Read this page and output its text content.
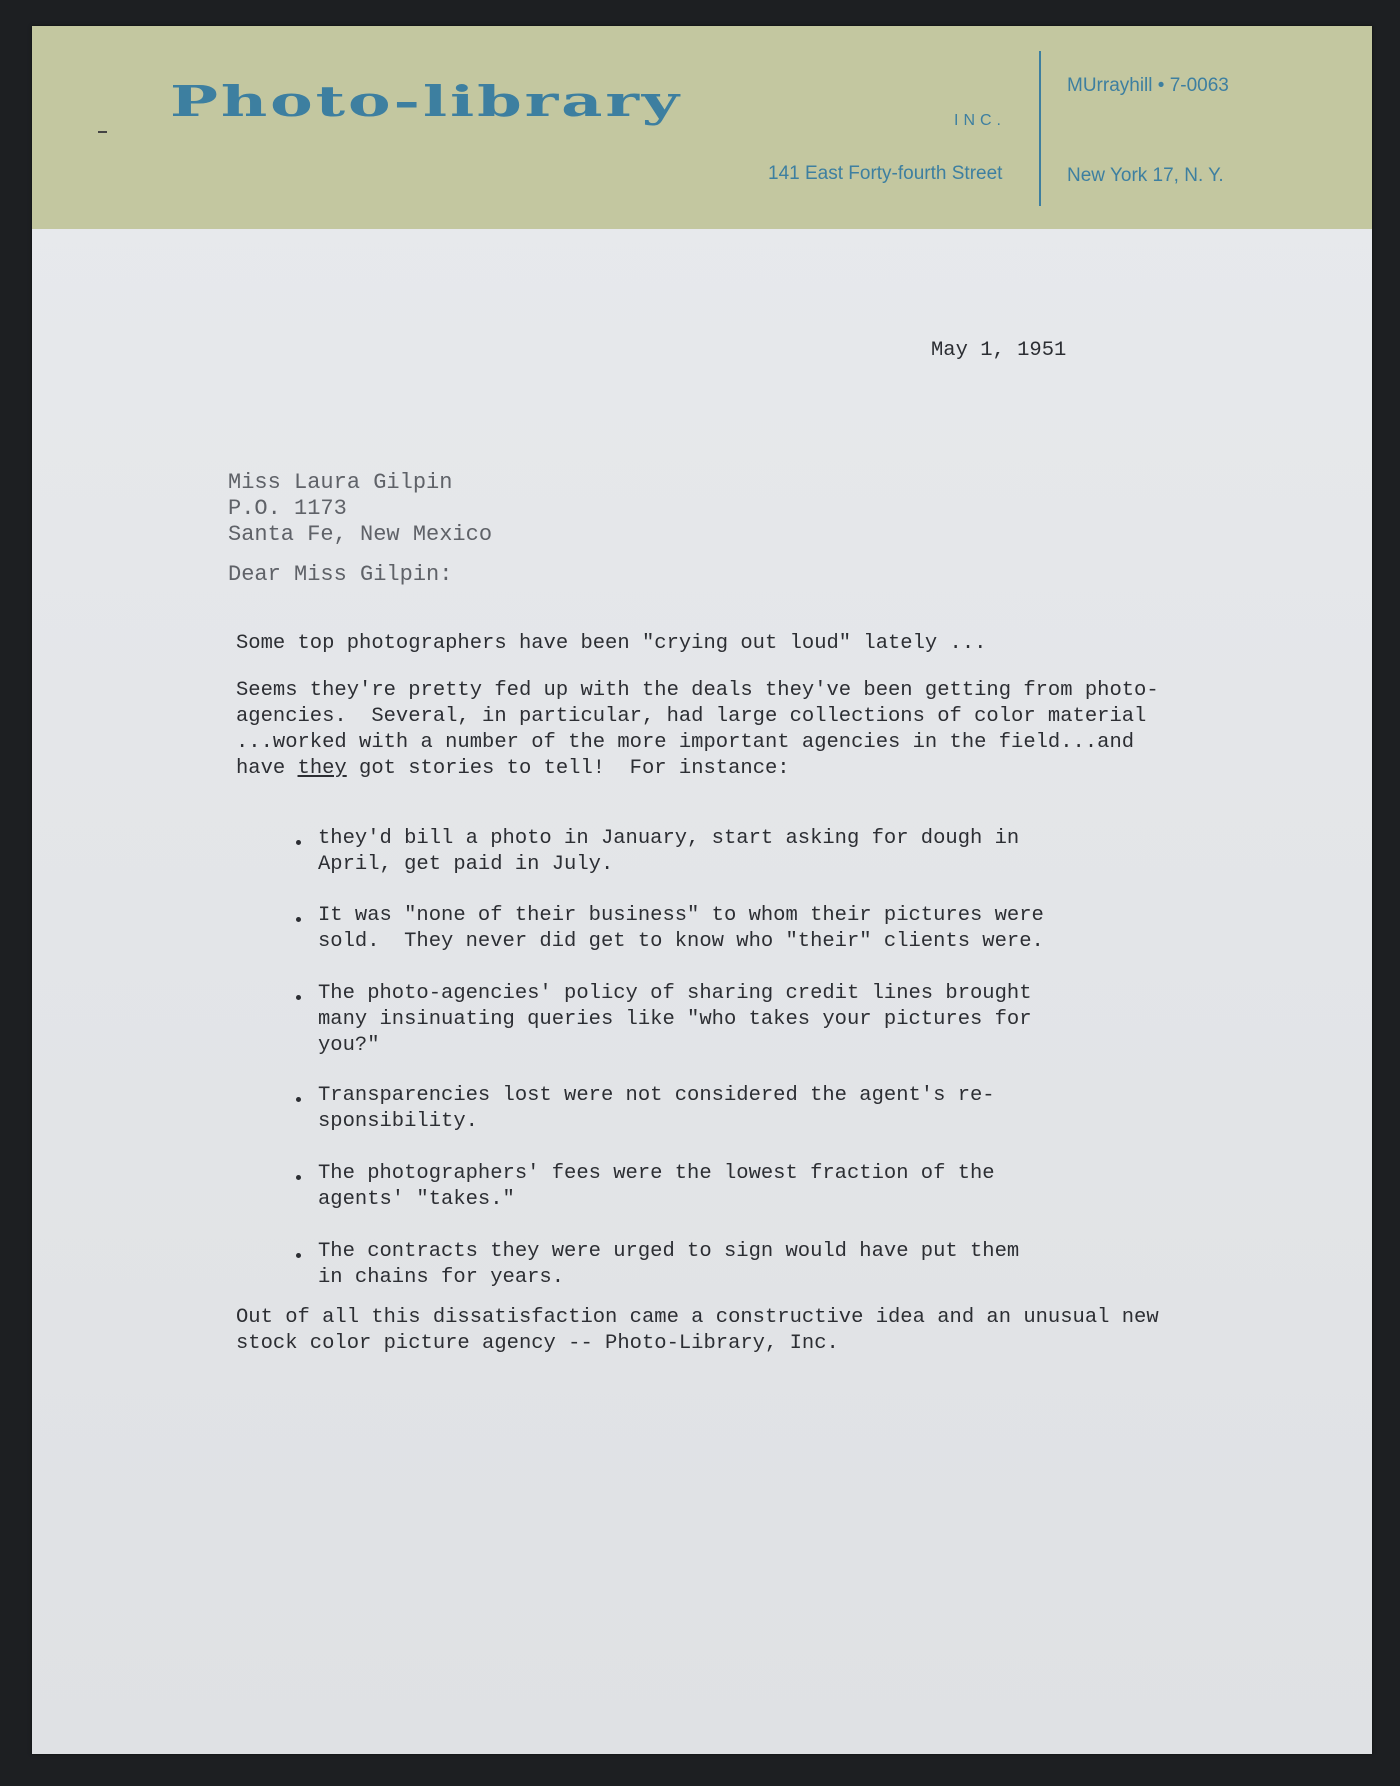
Photo-library	INC.
141 East Forty-fourth Street
MUrrayhill • 7-0063
New York 17, N. Y.
May 1, 1951
Miss Laura Gilpin
P.O. 1173
Santa Fe, New Mexico
Dear Miss Gilpin:
Some top photographers have been "crying out loud" lately ...
Seems they're pretty fed up with the deals they've been getting from photo-
agencies.  Several, in particular, had large collections of color material
...worked with a number of the more important agencies in the field...and
have they got stories to tell!  For instance:
they'd bill a photo in January, start asking for dough in
April, get paid in July.
It was "none of their business" to whom their pictures were
sold.  They never did get to know who "their" clients were.
The photo-agencies' policy of sharing credit lines brought
many insinuating queries like "who takes your pictures for
you?"
Transparencies lost were not considered the agent's re-
sponsibility.
The photographers' fees were the lowest fraction of the
agents' "takes."
The contracts they were urged to sign would have put them
in chains for years.
Out of all this dissatisfaction came a constructive idea and an unusual new
stock color picture agency -- Photo-Library, Inc.
